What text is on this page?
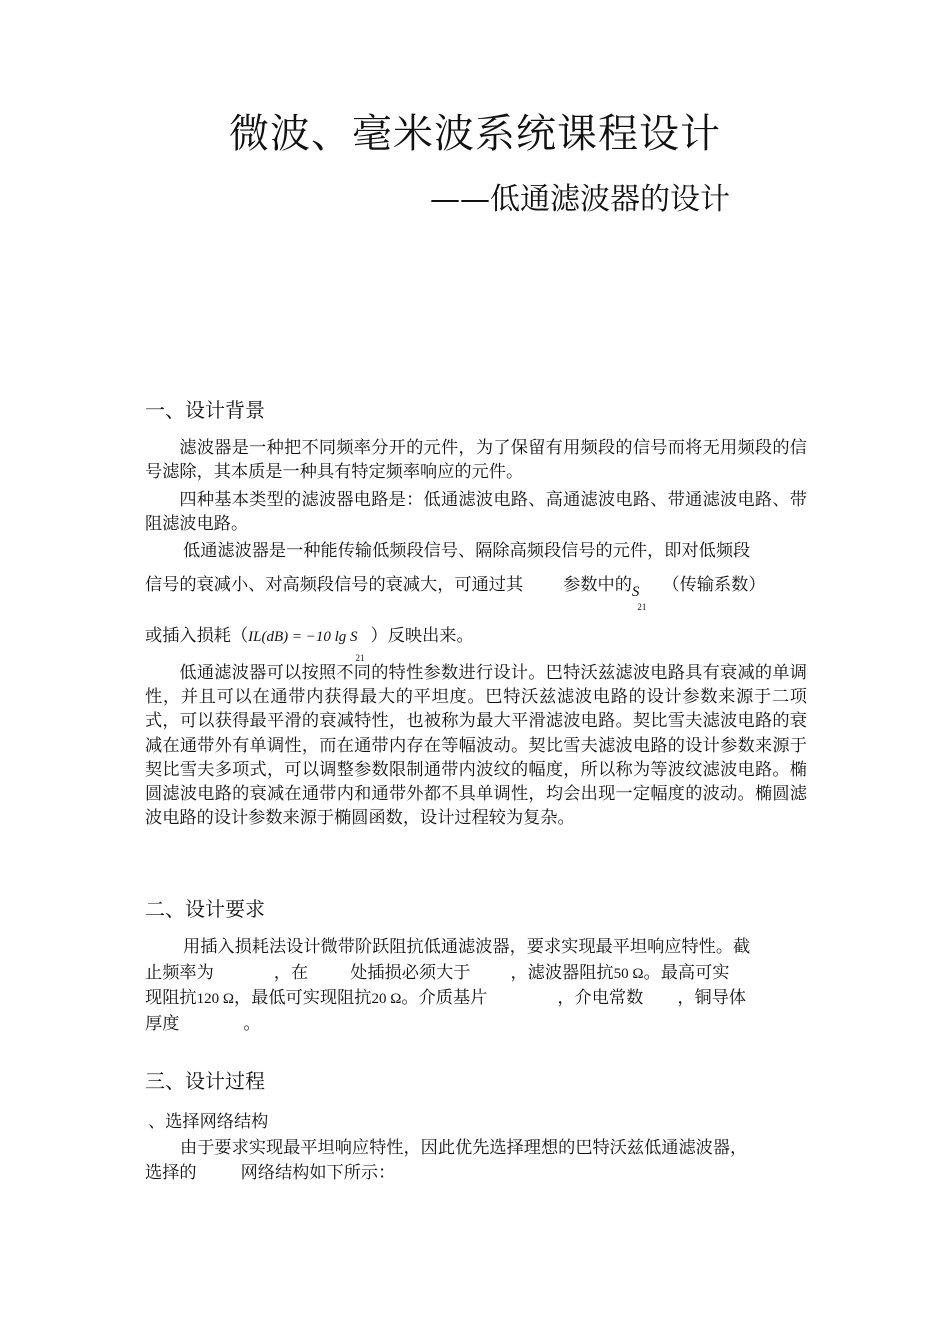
微波、毫米波系统课程设计
——低通滤波器的设计
一、设计背景

滤波器是一种把不同频率分开的元件，为了保留有用频段的信号而将无用频段的信号滤除，其本质是一种具有特定频率响应的元件。

四种基本类型的滤波器电路是：低通滤波电路、高通滤波电路、带通滤波电路、带阻滤波电路。

低通滤波器是一种能传输低频段信号、隔除高频段信号的元件，即对低频段

信号的衰减小、对高频段信号的衰减大，可通过其 参数中的$S_{21}$（传输系数）

或插入损耗（IL(dB) = −10 $\lg S_{21}$）反映出来。

低通滤波器可以按照不同的特性参数进行设计。巴特沃兹滤波电路具有衰减的单调性，并且可以在通带内获得最大的平坦度。巴特沃兹滤波电路的设计参数来源于二项式，可以获得最平滑的衰减特性，也被称为最大平滑滤波电路。契比雪夫滤波电路的衰减在通带外有单调性，而在通带内存在等幅波动。契比雪夫滤波电路的设计参数来源于契比雪夫多项式，可以调整参数限制通带内波纹的幅度，所以称为等波纹滤波电路。椭圆滤波电路的衰减在通带内和通带外都不具单调性，均会出现一定幅度的波动。椭圆滤波电路的设计参数来源于椭圆函数，设计过程较为复杂。

二、设计要求

用插入损耗法设计微带阶跃阻抗低通滤波器，要求实现最平坦响应特性。截

止频率为	，在 处插损必须大于 ，滤波器阻抗50 Ω。最高可实

现阻抗120 Ω，最低可实现阻抗20 Ω。介质基片	，介电常数 ，铜导体

厚度	。

三、设计过程

、选择网络结构

由于要求实现最平坦响应特性，因此优先选择理想的巴特沃兹低通滤波器，

选择的	网络结构如下所示：
